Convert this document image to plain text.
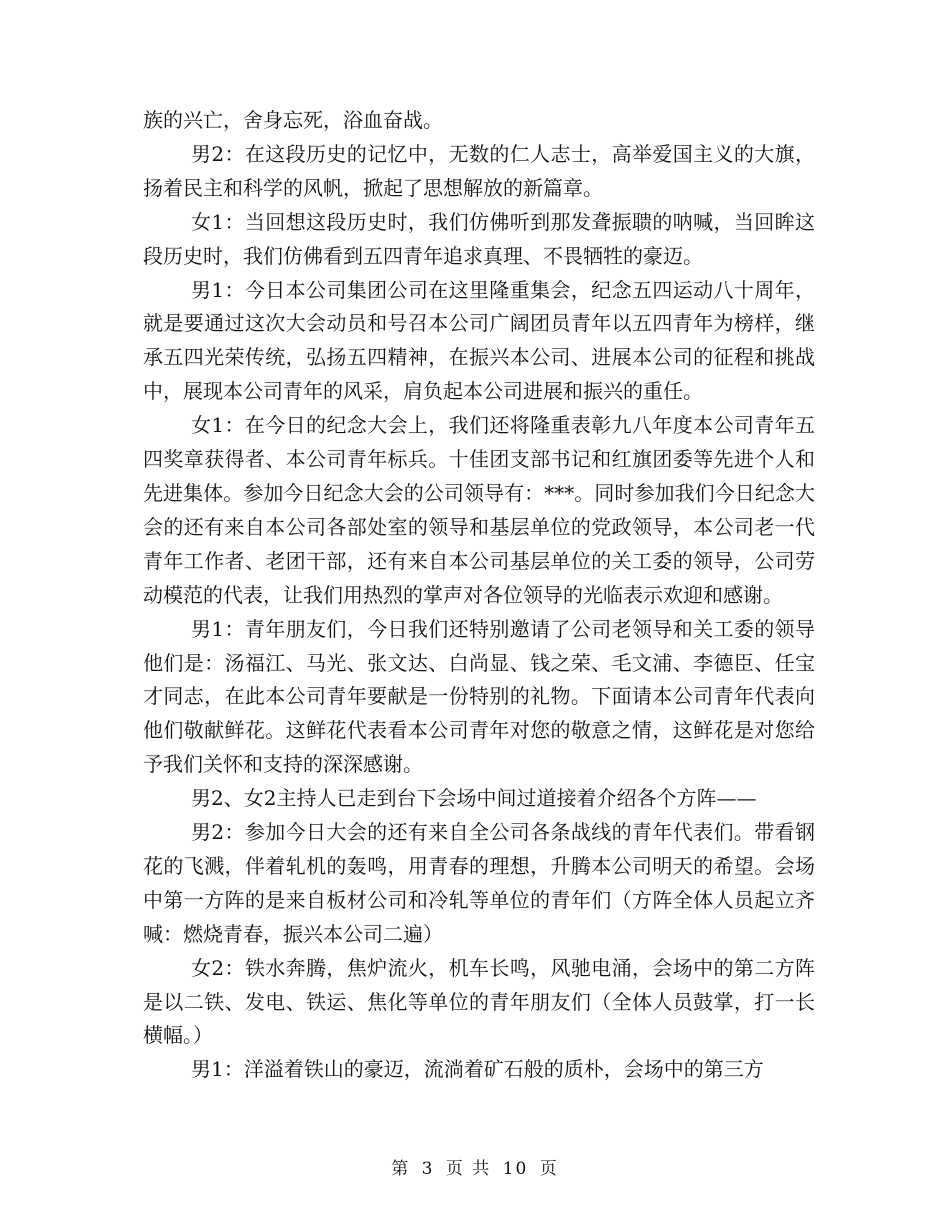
族的兴亡，舍身忘死，浴血奋战。

男2：在这段历史的记忆中，无数的仁人志士，高举爱国主义的大旗，扬着民主和科学的风帆，掀起了思想解放的新篇章。

女1：当回想这段历史时，我们仿佛听到那发聋振聩的呐喊，当回眸这段历史时，我们仿佛看到五四青年追求真理、不畏牺牲的豪迈。

男1：今日本公司集团公司在这里隆重集会，纪念五四运动八十周年，就是要通过这次大会动员和号召本公司广阔团员青年以五四青年为榜样，继承五四光荣传统，弘扬五四精神，在振兴本公司、进展本公司的征程和挑战中，展现本公司青年的风采，肩负起本公司进展和振兴的重任。

女1：在今日的纪念大会上，我们还将隆重表彰九八年度本公司青年五四奖章获得者、本公司青年标兵。十佳团支部书记和红旗团委等先进个人和先进集体。参加今日纪念大会的公司领导有：***。同时参加我们今日纪念大会的还有来自本公司各部处室的领导和基层单位的党政领导，本公司老一代青年工作者、老团干部，还有来自本公司基层单位的关工委的领导，公司劳动模范的代表，让我们用热烈的掌声对各位领导的光临表示欢迎和感谢。

男1：青年朋友们，今日我们还特别邀请了公司老领导和关工委的领导他们是：汤福江、马光、张文达、白尚显、钱之荣、毛文浦、李德臣、任宝才同志，在此本公司青年要献是一份特别的礼物。下面请本公司青年代表向他们敬献鲜花。这鲜花代表看本公司青年对您的敬意之情，这鲜花是对您给予我们关怀和支持的深深感谢。

男2、女2主持人已走到台下会场中间过道接着介绍各个方阵——

男2：参加今日大会的还有来自全公司各条战线的青年代表们。带看钢花的飞溅，伴着轧机的轰鸣，用青春的理想，升腾本公司明天的希望。会场中第一方阵的是来自板材公司和冷轧等单位的青年们（方阵全体人员起立齐喊：燃烧青春，振兴本公司二遍）

女2：铁水奔腾，焦炉流火，机车长鸣，风驰电涌，会场中的第二方阵是以二铁、发电、铁运、焦化等单位的青年朋友们（全体人员鼓掌，打一长横幅。）

男1：洋溢着铁山的豪迈，流淌着矿石般的质朴，会场中的第三方

第 3 页 共 10 页
